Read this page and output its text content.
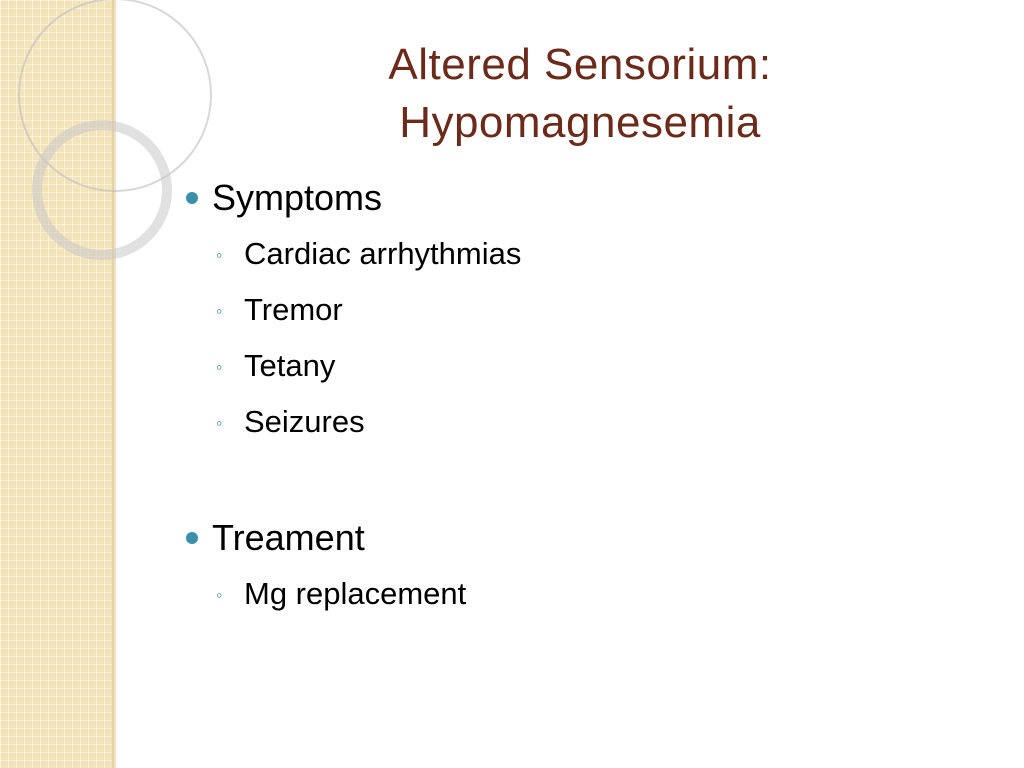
Altered Sensorium:
Hypomagnesemia
Symptoms
◦ Cardiac arrhythmias
◦ Tremor
◦ Tetany
◦ Seizures
Treament
◦ Mg replacement
